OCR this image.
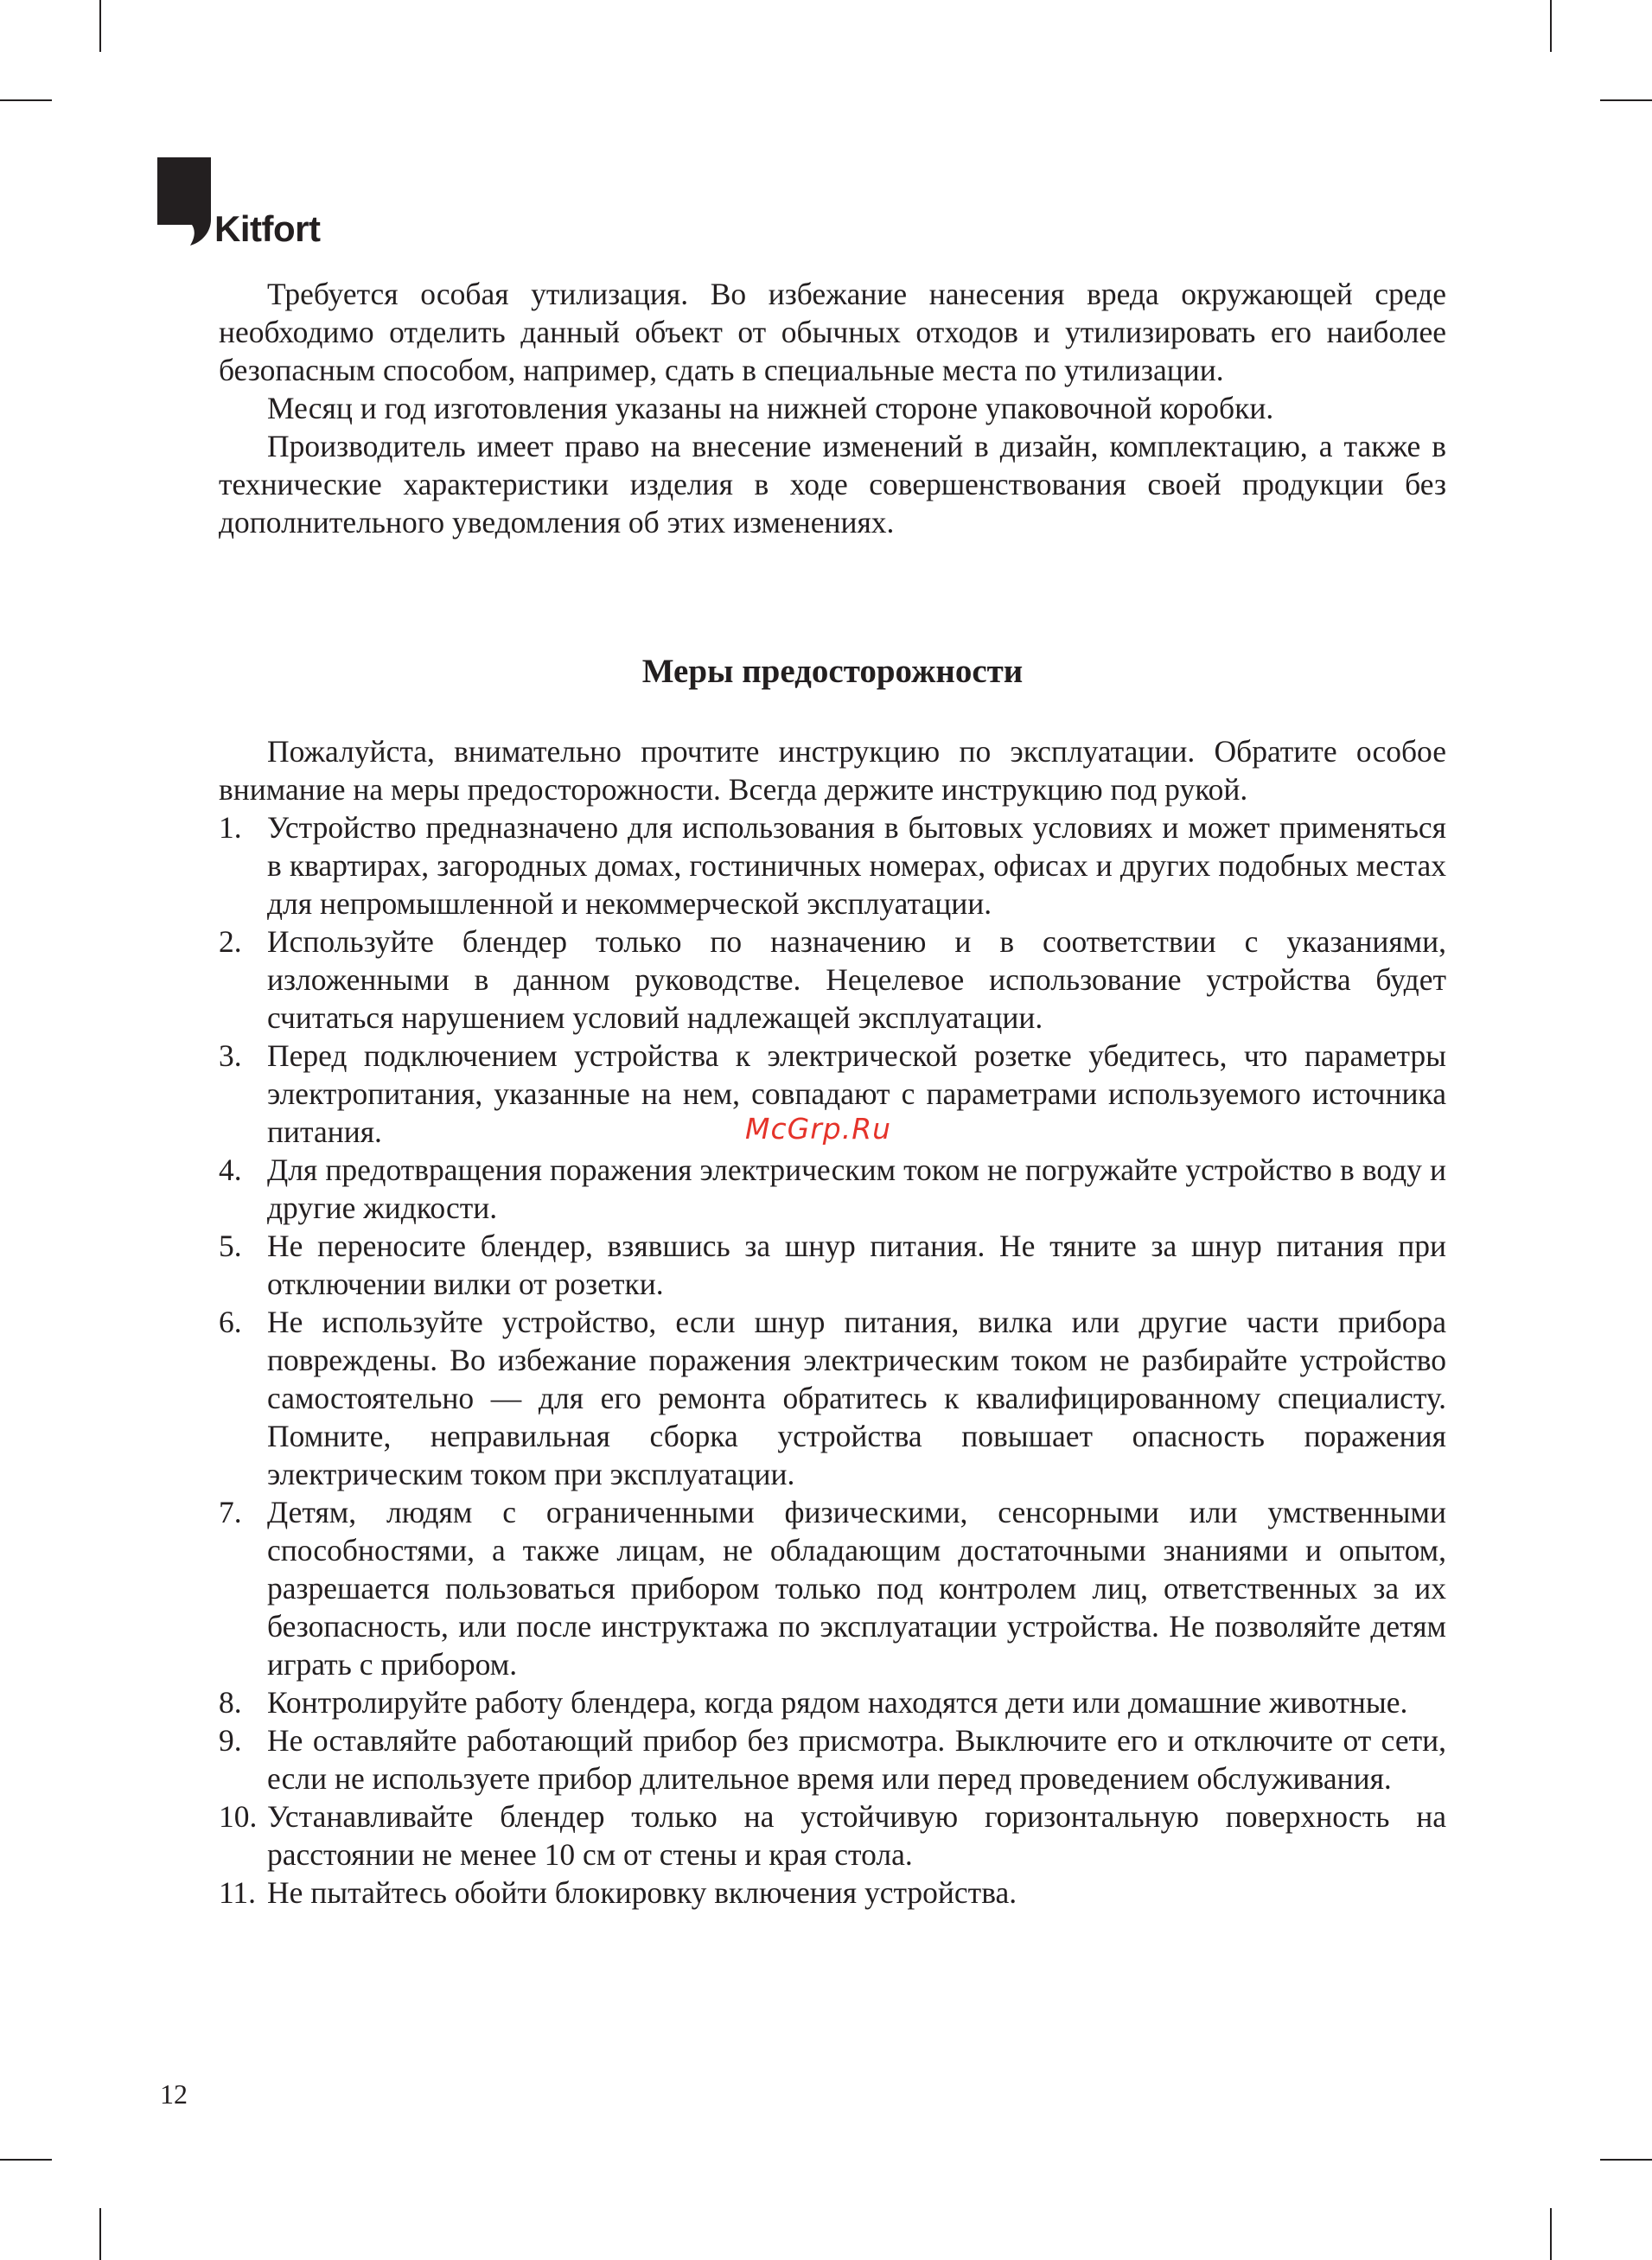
Kitfort

Требуется особая утилизация. Во избежание нанесения вреда окружающей среде необходимо отделить данный объект от обычных отходов и утилизировать его наиболее безопасным способом, например, сдать в специальные места по утилизации.

Месяц и год изготовления указаны на нижней стороне упаковочной коробки.

Производитель имеет право на внесение изменений в дизайн, комплектацию, а также в технические характеристики изделия в ходе совершенствования своей продукции без дополнительного уведомления об этих изменениях.

Меры предосторожности

Пожалуйста, внимательно прочтите инструкцию по эксплуатации. Обратите особое внимание на меры предосторожности. Всегда держите инструкцию под рукой.

1. Устройство предназначено для использования в бытовых условиях и может применяться в квартирах, загородных домах, гостиничных номерах, офисах и других подобных местах для непромышленной и некоммерческой эксплуатации.
2. Используйте блендер только по назначению и в соответствии с указаниями, изложенными в данном руководстве. Нецелевое использование устройства будет считаться нарушением условий надлежащей эксплуатации.
3. Перед подключением устройства к электрической розетке убедитесь, что параметры электропитания, указанные на нем, совпадают с параметрами используемого источника питания.
4. Для предотвращения поражения электрическим током не погружайте устройство в воду и другие жидкости.
5. Не переносите блендер, взявшись за шнур питания. Не тяните за шнур питания при отключении вилки от розетки.
6. Не используйте устройство, если шнур питания, вилка или другие части прибора повреждены. Во избежание поражения электрическим током не разбирайте устройство самостоятельно — для его ремонта обратитесь к квалифицированному специалисту. Помните, неправильная сборка устройства повышает опасность поражения электрическим током при эксплуатации.
7. Детям, людям с ограниченными физическими, сенсорными или умственными способностями, а также лицам, не обладающим достаточными знаниями и опытом, разрешается пользоваться прибором только под контролем лиц, ответственных за их безопасность, или после инструктажа по эксплуатации устройства. Не позволяйте детям играть с прибором.
8. Контролируйте работу блендера, когда рядом находятся дети или домашние животные.
9. Не оставляйте работающий прибор без присмотра. Выключите его и отключите от сети, если не используете прибор длительное время или перед проведением обслуживания.
10. Устанавливайте блендер только на устойчивую горизонтальную поверхность на расстоянии не менее 10 см от стены и края стола.
11. Не пытайтесь обойти блокировку включения устройства.
McGrp.Ru
12
